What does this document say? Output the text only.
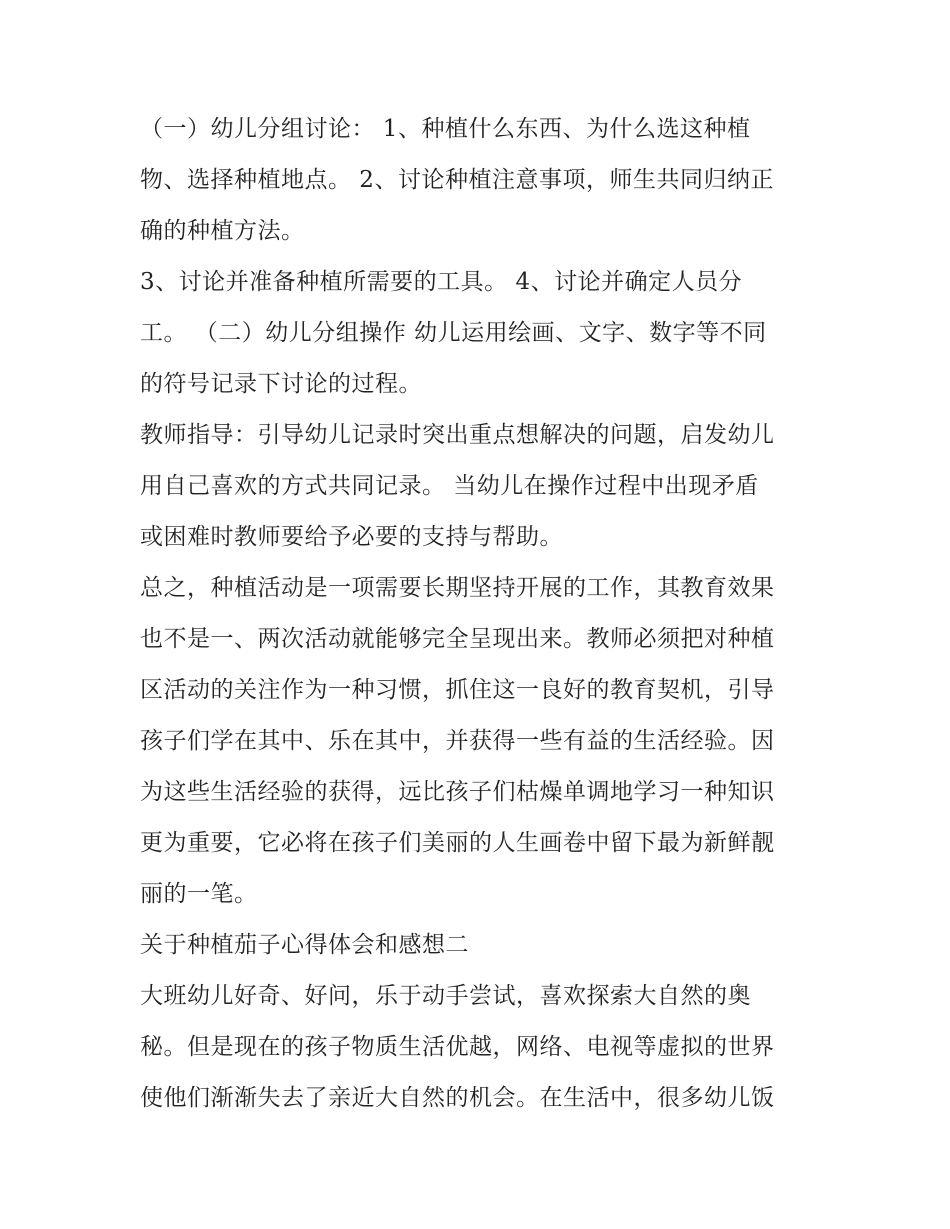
（一）幼儿分组讨论： 1、种植什么东西、为什么选这种植
物、选择种植地点。 2、讨论种植注意事项，师生共同归纳正
确的种植方法。

3、讨论并准备种植所需要的工具。 4、讨论并确定人员分
工。 （二）幼儿分组操作 幼儿运用绘画、文字、数字等不同
的符号记录下讨论的过程。

教师指导：引导幼儿记录时突出重点想解决的问题，启发幼儿
用自己喜欢的方式共同记录。 当幼儿在操作过程中出现矛盾
或困难时教师要给予必要的支持与帮助。

总之，种植活动是一项需要长期坚持开展的工作，其教育效果
也不是一、两次活动就能够完全呈现出来。教师必须把对种植
区活动的关注作为一种习惯，抓住这一良好的教育契机，引导
孩子们学在其中、乐在其中，并获得一些有益的生活经验。因
为这些生活经验的获得，远比孩子们枯燥单调地学习一种知识
更为重要，它必将在孩子们美丽的人生画卷中留下最为新鲜靓
丽的一笔。

关于种植茄子心得体会和感想二

大班幼儿好奇、好问，乐于动手尝试，喜欢探索大自然的奥
秘。但是现在的孩子物质生活优越，网络、电视等虚拟的世界
使他们渐渐失去了亲近大自然的机会。在生活中，很多幼儿饭
